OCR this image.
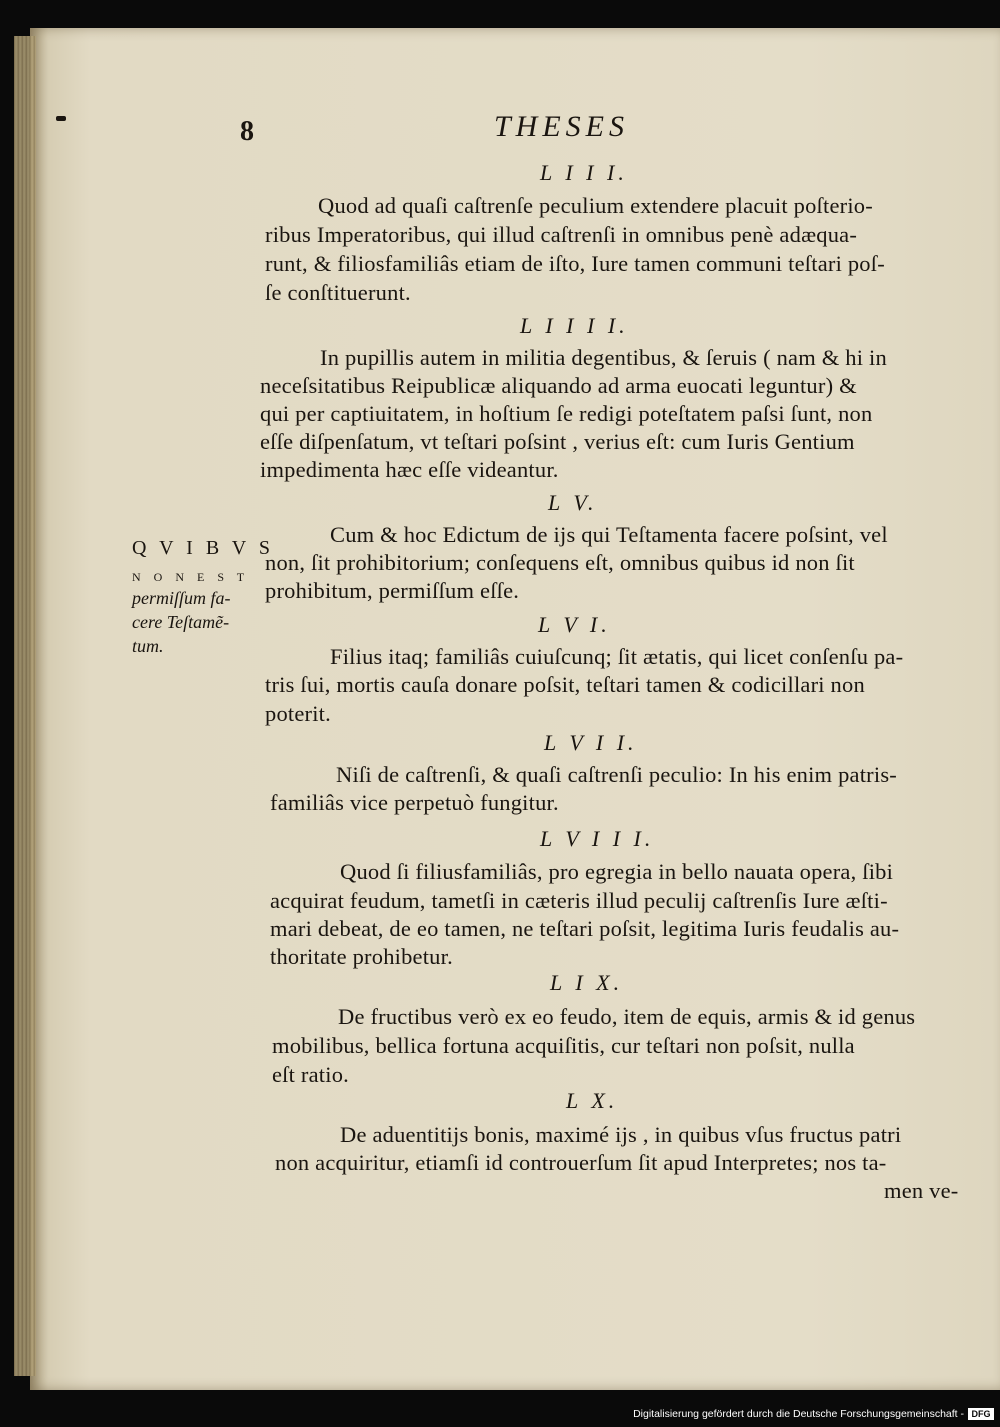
8	THESES
L I I I.
Quod ad quaſi caſtrenſe peculium extendere placuit poſterio-
ribus Imperatoribus, qui illud caſtrenſi in omnibus penè adæqua-
runt, & filiosfamiliâs etiam de iſto, Iure tamen communi teſtari poſ-
ſe conſtituerunt.
L I I I I.
In pupillis autem in militia degentibus, & ſeruis ( nam & hi in
neceſsitatibus Reipublicæ aliquando ad arma euocati leguntur) &
qui per captiuitatem, in hoſtium ſe redigi poteſtatem paſsi ſunt, non
eſſe diſpenſatum, vt teſtari poſsint , verius eſt: cum Iuris Gentium
impedimenta hæc eſſe videantur.
L V.
Cum & hoc Edictum de ijs qui Teſtamenta facere poſsint, vel
non, ſit prohibitorium; conſequens eſt, omnibus quibus id non ſit
prohibitum, permiſſum eſſe.
Q V I B V S
N O N E S T
permiſſum fa-
cere Teſtamẽ-
tum.
L V I.
Filius itaq; familiâs cuiuſcunq; ſit ætatis, qui licet conſenſu pa-
tris ſui, mortis cauſa donare poſsit, teſtari tamen & codicillari non
poterit.
L V I I.
Niſi de caſtrenſi, & quaſi caſtrenſi peculio: In his enim patris-
familiâs vice perpetuò fungitur.
L V I I I.
Quod ſi filiusfamiliâs, pro egregia in bello nauata opera, ſibi
acquirat feudum, tametſi in cæteris illud peculij caſtrenſis Iure æſti-
mari debeat, de eo tamen, ne teſtari poſsit, legitima Iuris feudalis au-
thoritate prohibetur.
L I X.
De fructibus verò ex eo feudo, item de equis, armis & id genus
mobilibus, bellica fortuna acquiſitis, cur teſtari non poſsit, nulla
eſt ratio.
L X.
De aduentitijs bonis, maximé ijs , in quibus vſus fructus patri
non acquiritur, etiamſi id controuerſum ſit apud Interpretes; nos ta-
men ve-
Digitalisierung gefördert durch die Deutsche Forschungsgemeinschaft - DFG
